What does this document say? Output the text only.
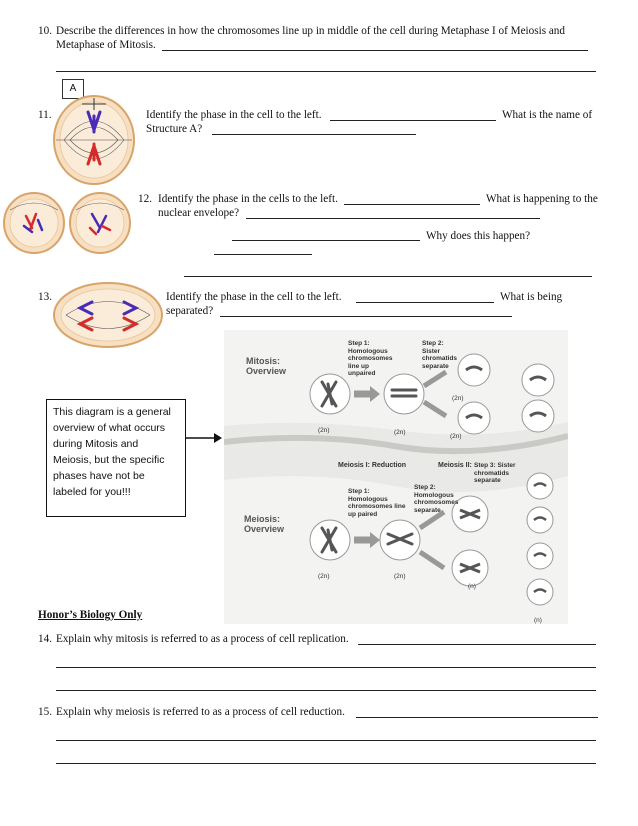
10. Describe the differences in how the chromosomes line up in middle of the cell during Metaphase I of Meiosis and
Metaphase of Mitosis.
11.
A
Identify the phase in the cell to the left.	What is the name of
Structure A?
12. Identify the phase in the cells to the left.	What is happening to the
nuclear envelope?
Why does this happen?
13.	Identify the phase in the cell to the left.	What is being
separated?
This diagram is a general
overview of what occurs
during Mitosis and
Meiosis, but the specific
phases have not be
labeled for you!!!
Mitosis:
Overview
Step 1:
Homologous
chromosomes
line up
unpaired
Step 2:
Sister
chromatids
separate
(2n)	(2n)
(2n)
(2n)
Meiosis I: Reduction	Meiosis II: Step 3: Sister
chromatids
separate
Step 1:
Homologous
chromosomes line
up paired
Step 2:
Homologous
chromosomes
separate
Meiosis:
Overview
(2n)	(2n)
(n)
(n)
Honor’s Biology Only
14. Explain why mitosis is referred to as a process of cell replication.
15. Explain why meiosis is referred to as a process of cell reduction.
